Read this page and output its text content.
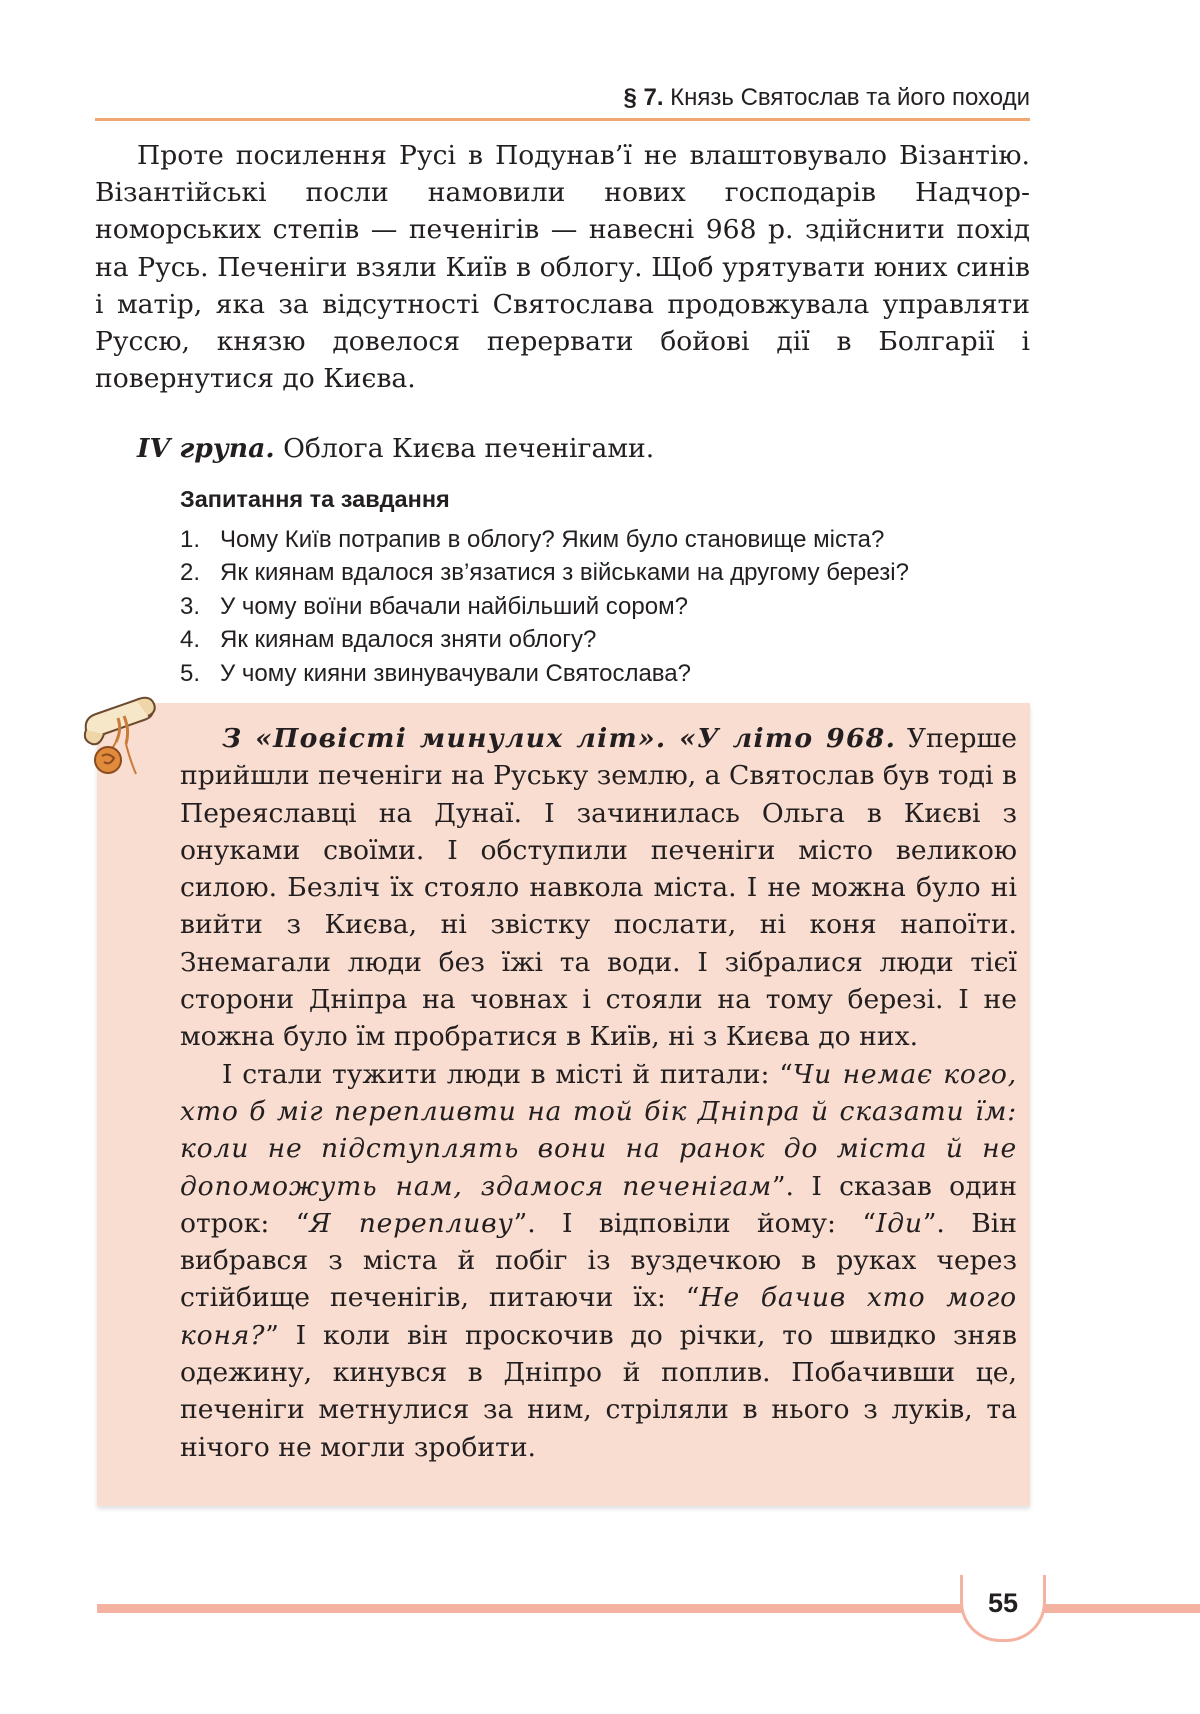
§ 7. Князь Святослав та його походи

Проте посилення Русі в Подунав’ї не влаштовувало Візантію. Візантійські посли намовили нових господарів Надчорноморських степів — печенігів — навесні 968 р. здійснити похід на Русь. Печеніги взяли Київ в облогу. Щоб урятувати юних синів і матір, яка за відсутності Святослава продовжувала управляти Руссю, князю довелося перервати бойові дії в Болгарії і повернутися до Києва.

IV група. Облога Києва печенігами.
Запитання та завдання
1. Чому Київ потрапив в облогу? Яким було становище міста?
2. Як киянам вдалося зв’язатися з військами на другому березі?
3. У чому воїни вбачали найбільший сором?
4. Як киянам вдалося зняти облогу?
5. У чому кияни звинувачували Святослава?

З «Повісті минулих літ». «У літо 968. Уперше прийшли печеніги на Руську землю, а Святослав був тоді в Переяславці на Дунаї. І зачинилась Ольга в Києві з онуками своїми. І обступили печеніги місто великою силою. Безліч їх стояло навкола міста. І не можна було ні вийти з Києва, ні звістку послати, ні коня напоїти. Знемагали люди без їжі та води. І зібралися люди тієї сторони Дніпра на човнах і стояли на тому березі. І не можна було їм пробратися в Київ, ні з Києва до них.

І стали тужити люди в місті й питали: “Чи немає кого, хто б міг перепливти на той бік Дніпра й сказати їм: коли не підступлять вони на ранок до міста й не допоможуть нам, здамося печенігам”. І сказав один отрок: “Я перепливу”. І відповіли йому: “Іди”. Він вибрався з міста й побіг із вуздечкою в руках через стійбище печенігів, питаючи їх: “Не бачив хто мого коня?” І коли він проскочив до річки, то швидко зняв одежину, кинувся в Дніпро й поплив. Побачивши це, печеніги метнулися за ним, стріляли в нього з луків, та нічого не могли зробити.

55
